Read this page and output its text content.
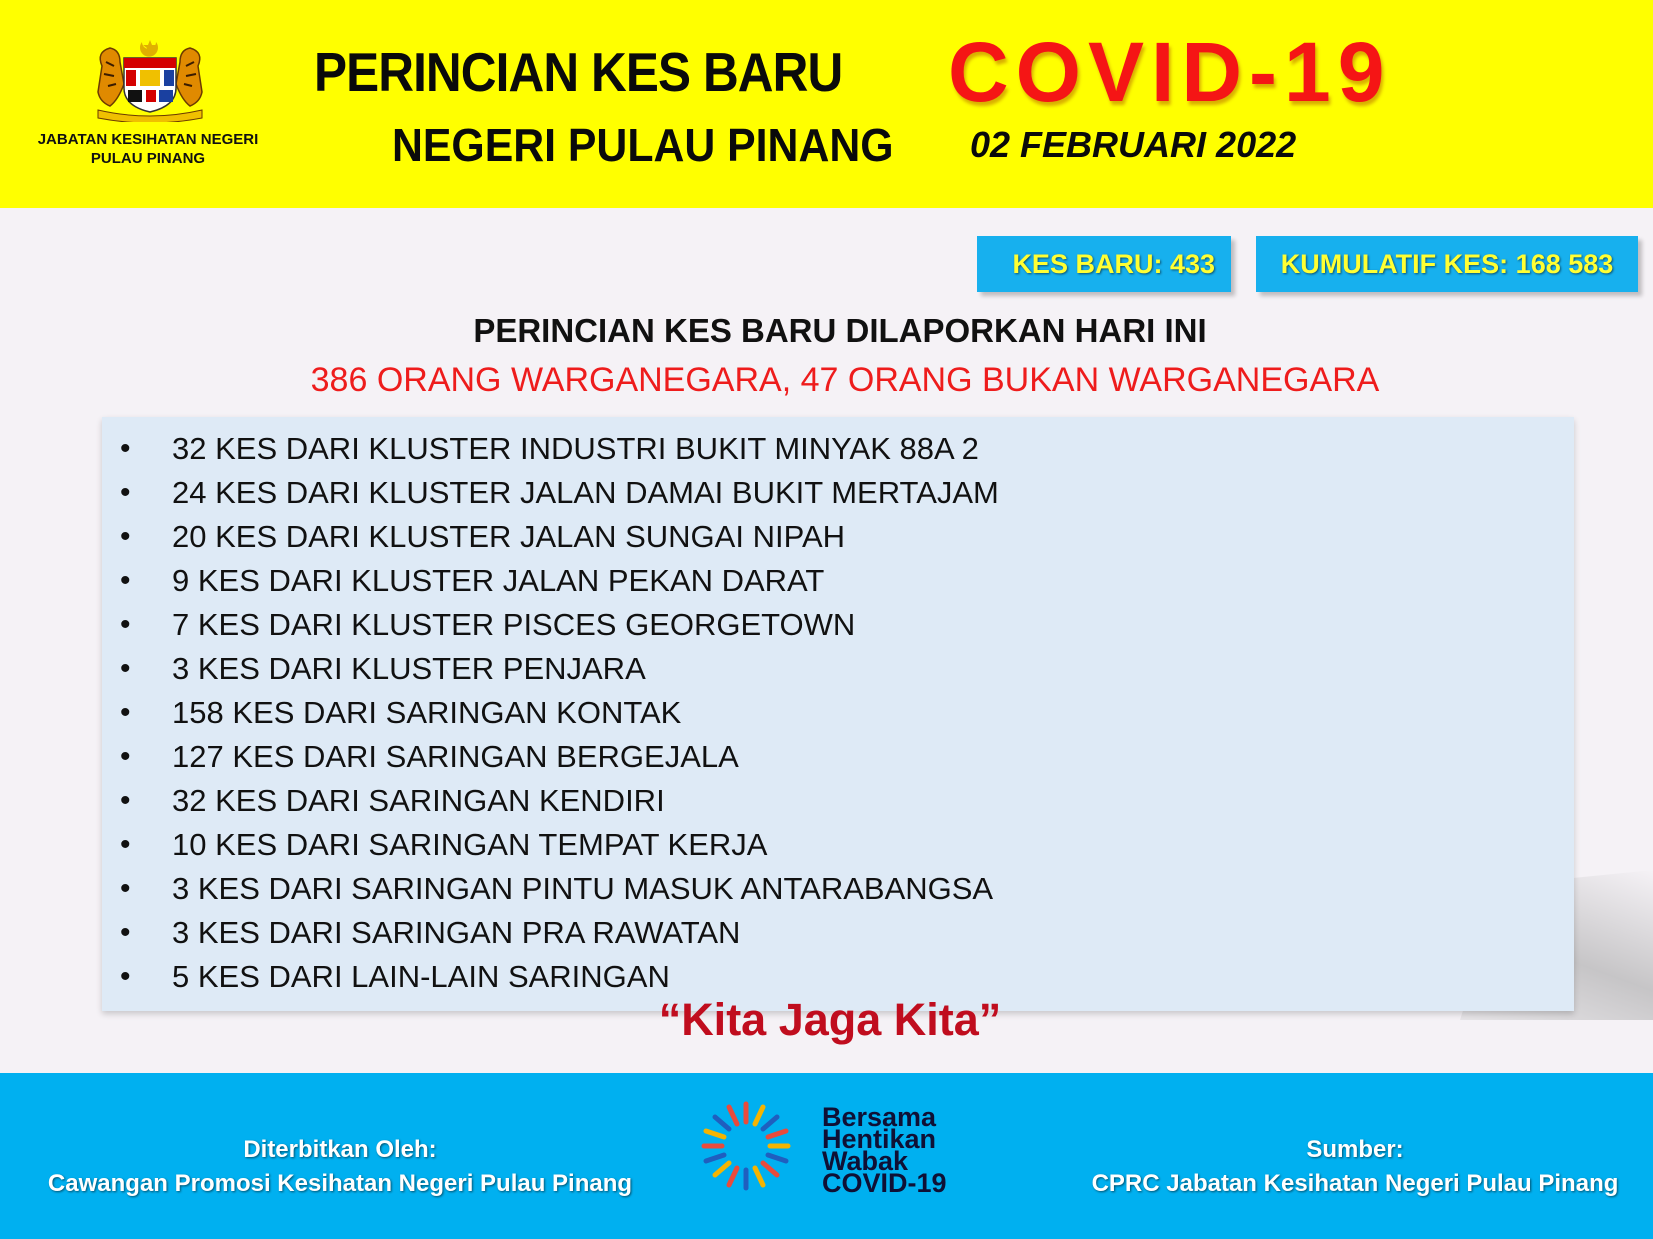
JABATAN KESIHATAN NEGERI PULAU PINANG
PERINCIAN KES BARU COVID-19
NEGERI PULAU PINANG 02 FEBRUARI 2022
KES BARU: 433	KUMULATIF KES: 168 583
PERINCIAN KES BARU DILAPORKAN HARI INI
386 ORANG WARGANEGARA, 47 ORANG BUKAN WARGANEGARA
•	32 KES DARI KLUSTER INDUSTRI BUKIT MINYAK 88A 2
•	24 KES DARI KLUSTER JALAN DAMAI BUKIT MERTAJAM
•	20 KES DARI KLUSTER JALAN SUNGAI NIPAH
•	9 KES DARI KLUSTER JALAN PEKAN DARAT
•	7 KES DARI KLUSTER PISCES GEORGETOWN
•	3 KES DARI KLUSTER PENJARA
•	158 KES DARI SARINGAN KONTAK
•	127 KES DARI SARINGAN BERGEJALA
•	32 KES DARI SARINGAN KENDIRI
•	10 KES DARI SARINGAN TEMPAT KERJA
•	3 KES DARI SARINGAN PINTU MASUK ANTARABANGSA
•	3 KES DARI SARINGAN PRA RAWATAN
•	5 KES DARI LAIN-LAIN SARINGAN
“Kita Jaga Kita”
Diterbitkan Oleh:
Cawangan Promosi Kesihatan Negeri Pulau Pinang
Bersama
Hentikan
Wabak
COVID-19
Sumber:
CPRC Jabatan Kesihatan Negeri Pulau Pinang
